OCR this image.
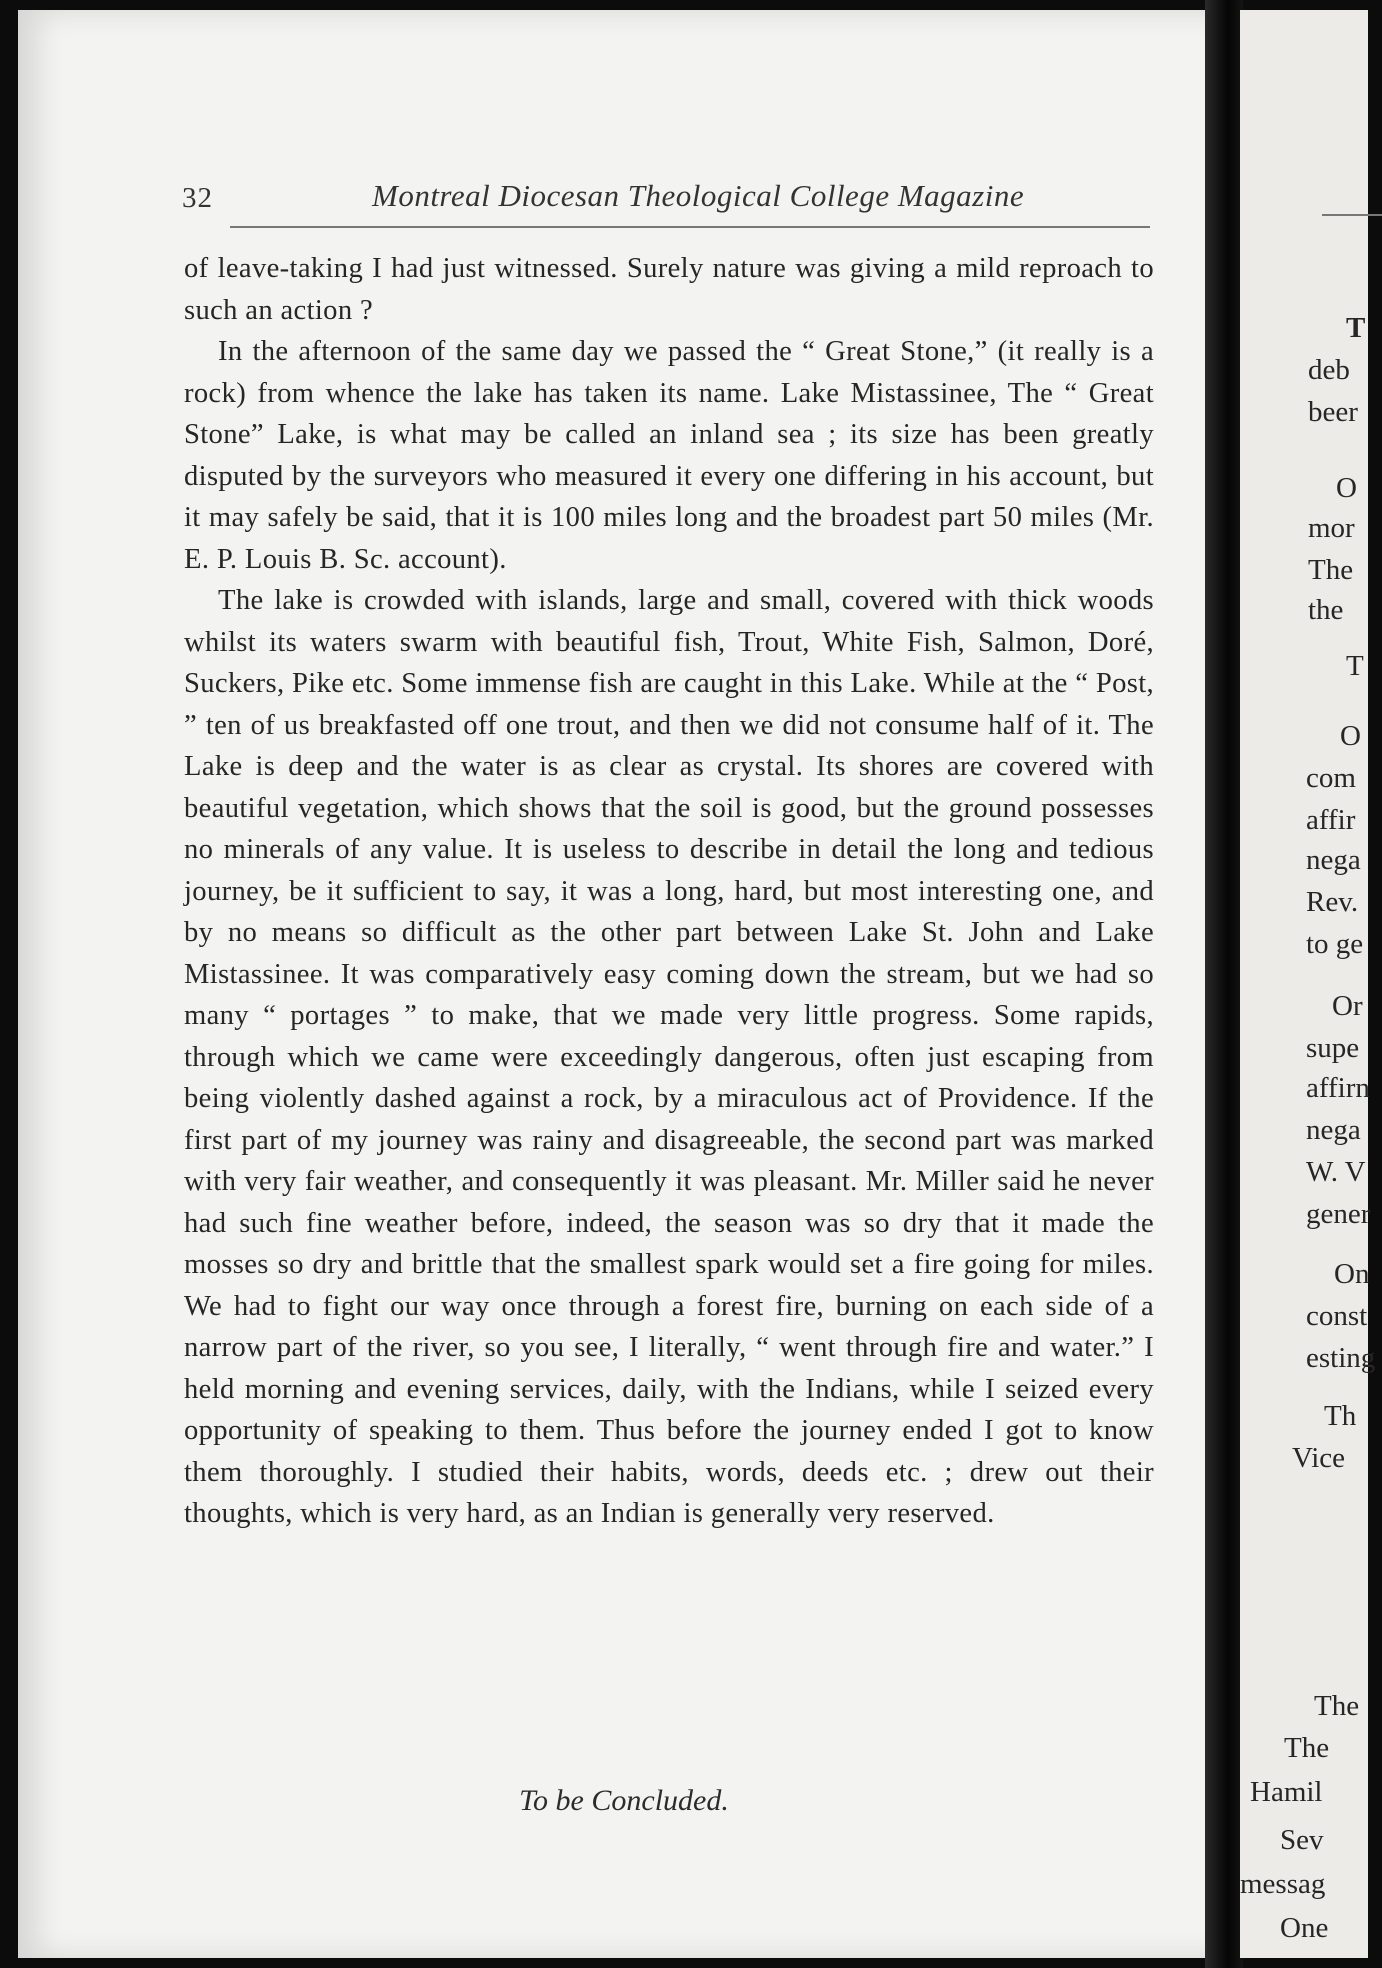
T
deb
beer
O
mor
The
the
T
O
com
affir
nega
Rev.
to ge
Or
supe
affirn
nega
W. V
gener
On
const
esting
Th
Vice
The
The
Hamil
Sev
messag
One
32	Montreal Diocesan Theological College Magazine

of leave-taking I had just witnessed. Surely nature was giving a mild reproach to such an action ?

In the afternoon of the same day we passed the “ Great Stone,” (it really is a rock) from whence the lake has taken its name. Lake Mistassinee, The “ Great Stone” Lake, is what may be called an inland sea ; its size has been greatly disputed by the surveyors who measured it every one differing in his account, but it may safely be said, that it is 100 miles long and the broadest part 50 miles (Mr. E. P. Louis B. Sc. account).

The lake is crowded with islands, large and small, covered with thick woods whilst its waters swarm with beautiful fish, Trout, White Fish, Salmon, Doré, Suckers, Pike etc. Some immense fish are caught in this Lake. While at the “ Post, ” ten of us breakfasted off one trout, and then we did not consume half of it. The Lake is deep and the water is as clear as crystal. Its shores are covered with beautiful vegetation, which shows that the soil is good, but the ground possesses no minerals of any value. It is useless to describe in detail the long and tedious journey, be it sufficient to say, it was a long, hard, but most interesting one, and by no means so difficult as the other part between Lake St. John and Lake Mistassinee. It was comparatively easy coming down the stream, but we had so many “ portages ” to make, that we made very little progress. Some rapids, through which we came were exceedingly dangerous, often just escaping from being violently dashed against a rock, by a miraculous act of Providence. If the first part of my journey was rainy and disagreeable, the second part was marked with very fair weather, and consequently it was pleasant. Mr. Miller said he never had such fine weather before, indeed, the season was so dry that it made the mosses so dry and brittle that the smallest spark would set a fire going for miles. We had to fight our way once through a forest fire, burning on each side of a narrow part of the river, so you see, I literally, “ went through fire and water.” I held morning and evening services, daily, with the Indians, while I seized every opportunity of speaking to them. Thus before the journey ended I got to know them thoroughly. I studied their habits, words, deeds etc. ; drew out their thoughts, which is very hard, as an Indian is generally very reserved.

To be Concluded.
